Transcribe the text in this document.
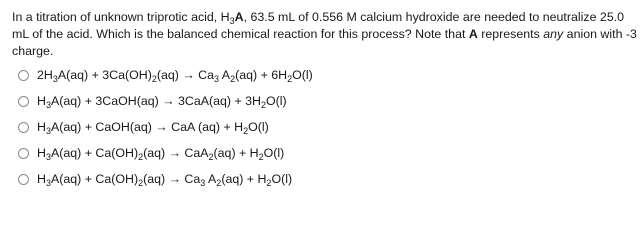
In a titration of unknown triprotic acid, $H_3A$, 63.5 mL of 0.556 M calcium hydroxide are needed to neutralize 25.0 mL of the acid. Which is the balanced chemical reaction for this process? Note that A represents any anion with -3 charge.
$2H_3A(aq) + 3Ca(OH)_2(aq) \to Ca_3$ $A_2(aq) + 6H_2O(l)$
$H_3A(aq)$ + 3CaOH(aq) → $3CaA(aq) + 3H_2O(l)$
$H_3A(aq)$ + CaOH(aq) → CaA $(aq) + H_2O(l)$
$H_3A(aq) + Ca(OH)_2(aq) \to CaA_2(aq) + H_2O(l)$
$H_3A(aq) + Ca(OH)_2(aq) \to Ca_3$ $A_2(aq) + H_2O(l)$
